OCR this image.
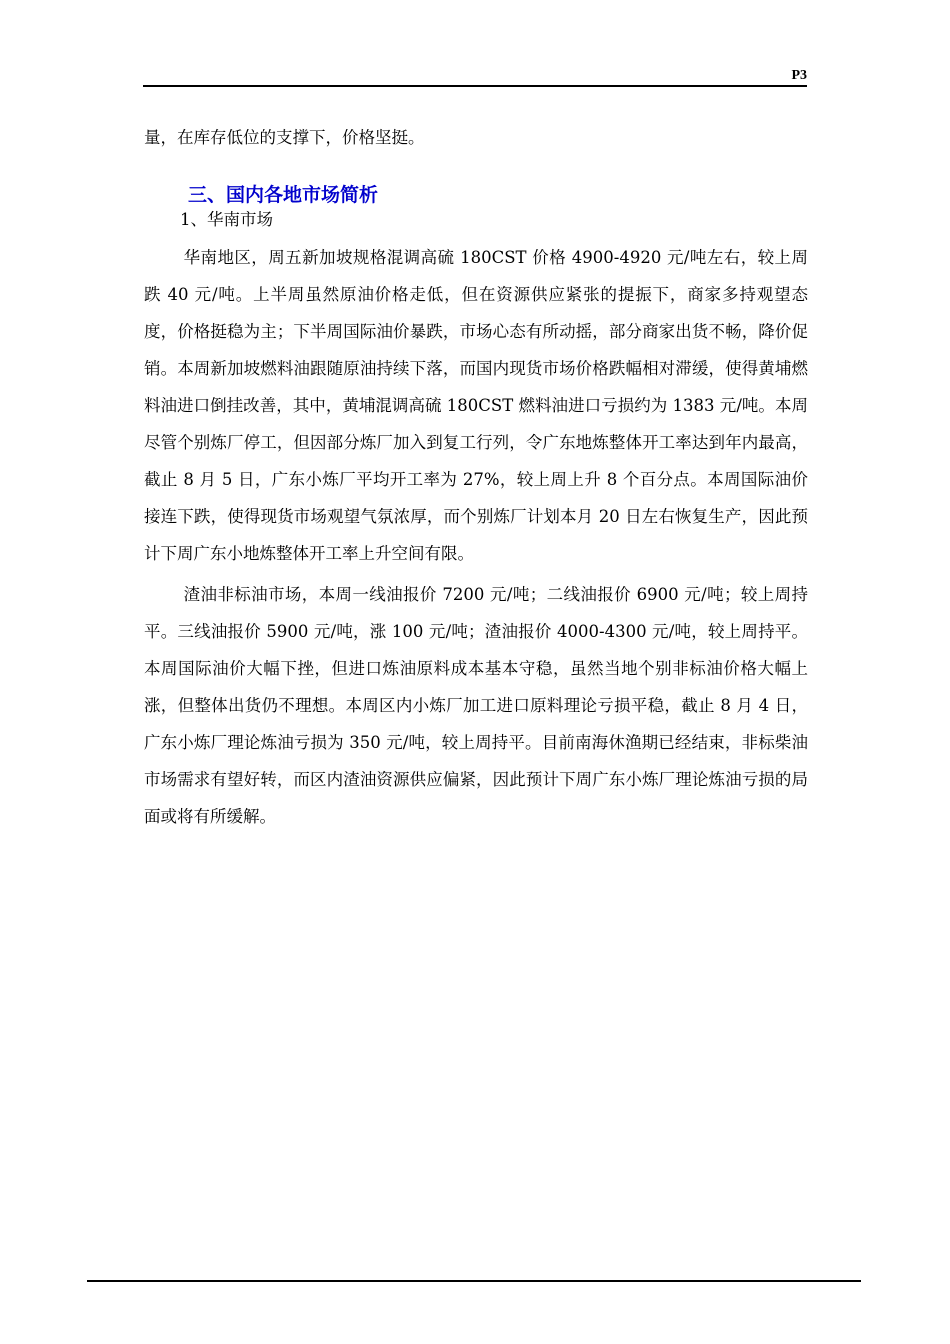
P3

量，在库存低位的支撑下，价格坚挺。

三、国内各地市场简析
1、华南市场

华南地区，周五新加坡规格混调高硫 180CST 价格 4900-4920 元/吨左右，较上周跌 40 元/吨。上半周虽然原油价格走低，但在资源供应紧张的提振下，商家多持观望态度，价格挺稳为主；下半周国际油价暴跌，市场心态有所动摇，部分商家出货不畅，降价促销。本周新加坡燃料油跟随原油持续下落，而国内现货市场价格跌幅相对滞缓，使得黄埔燃料油进口倒挂改善，其中，黄埔混调高硫 180CST 燃料油进口亏损约为 1383 元/吨。本周尽管个别炼厂停工，但因部分炼厂加入到复工行列，令广东地炼整体开工率达到年内最高，截止 8 月 5 日，广东小炼厂平均开工率为 27%，较上周上升 8 个百分点。本周国际油价接连下跌，使得现货市场观望气氛浓厚，而个别炼厂计划本月 20 日左右恢复生产，因此预计下周广东小地炼整体开工率上升空间有限。

渣油非标油市场，本周一线油报价 7200 元/吨；二线油报价 6900 元/吨；较上周持平。三线油报价 5900 元/吨，涨 100 元/吨；渣油报价 4000-4300 元/吨，较上周持平。本周国际油价大幅下挫，但进口炼油原料成本基本守稳，虽然当地个别非标油价格大幅上涨，但整体出货仍不理想。本周区内小炼厂加工进口原料理论亏损平稳，截止 8 月 4 日，广东小炼厂理论炼油亏损为 350 元/吨，较上周持平。目前南海休渔期已经结束，非标柴油市场需求有望好转，而区内渣油资源供应偏紧，因此预计下周广东小炼厂理论炼油亏损的局面或将有所缓解。
